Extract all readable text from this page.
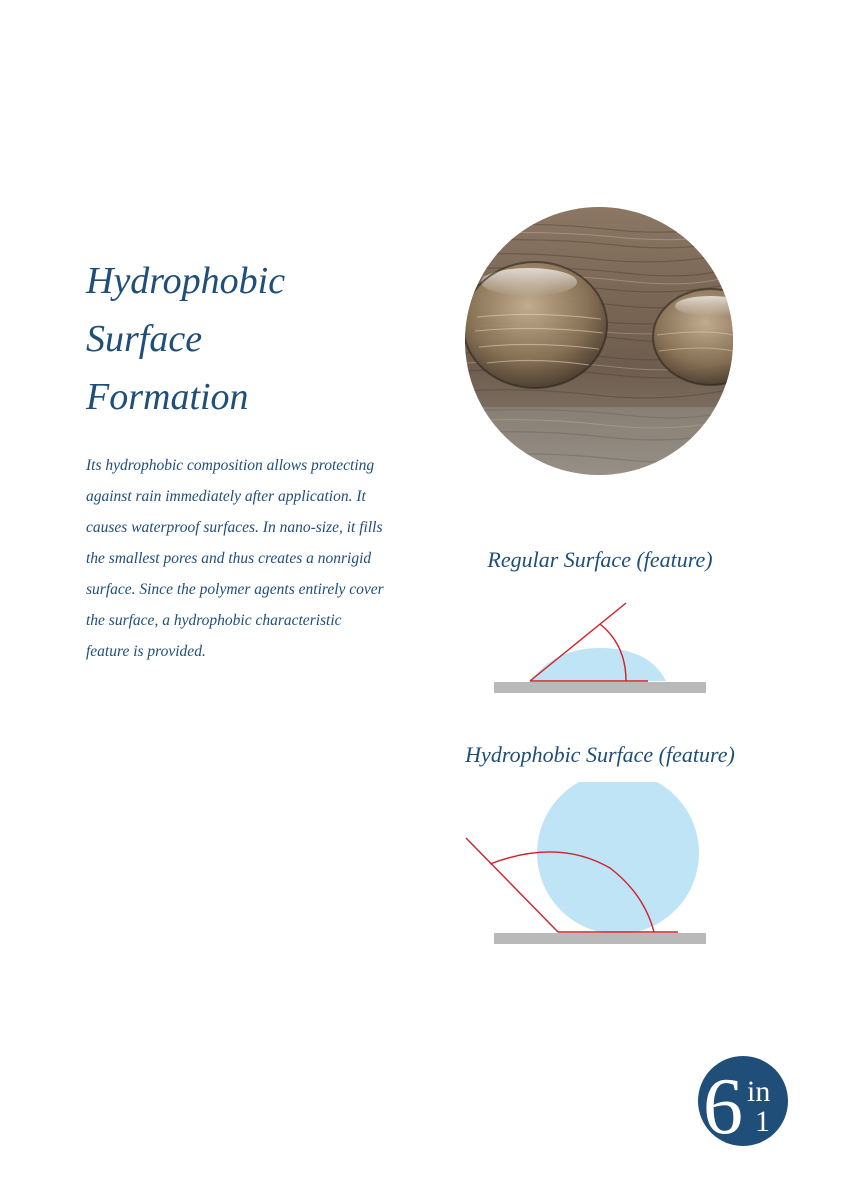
Hydrophobic
Surface
Formation

Its hydrophobic composition allows protecting against rain immediately after application. It causes waterproof surfaces. In nano-size, it fills the smallest pores and thus creates a nonrigid surface. Since the polymer agents entirely cover the surface, a hydrophobic characteristic feature is provided.

Regular Surface (feature)
Hydrophobic Surface (feature)
6 in
1
